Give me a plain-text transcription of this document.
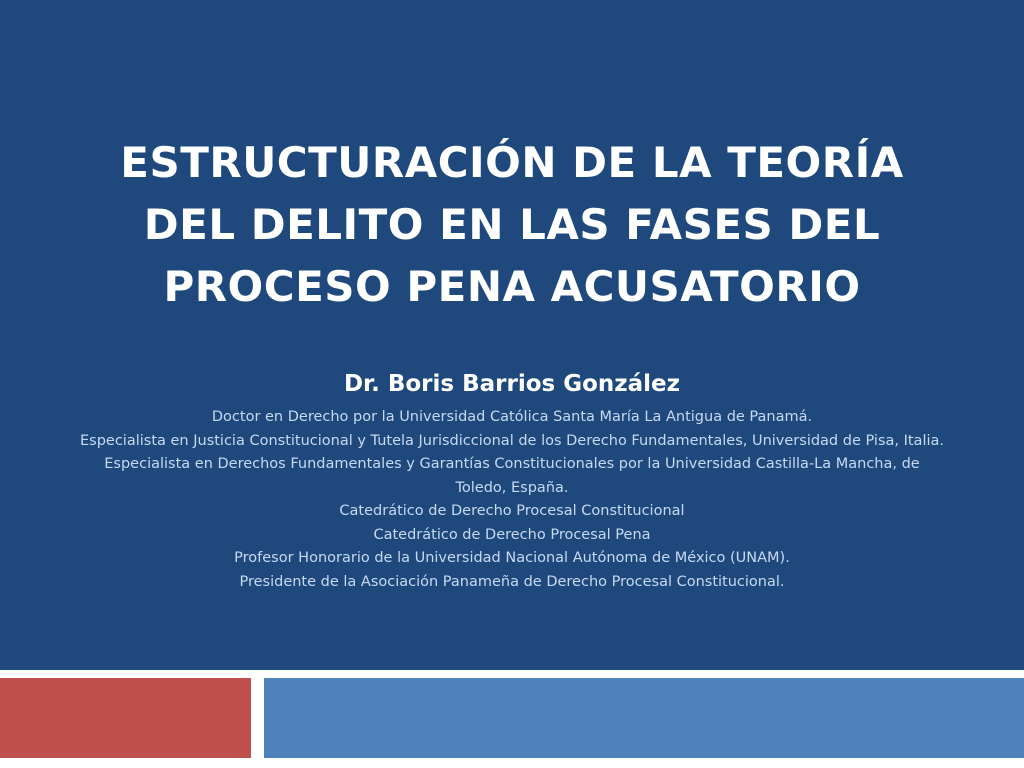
ESTRUCTURACIÓN DE LA TEORÍA
DEL DELITO EN LAS FASES DEL
PROCESO PENA ACUSATORIO
Dr. Boris Barrios González
Doctor en Derecho por la Universidad Católica Santa María La Antigua de Panamá.
Especialista en Justicia Constitucional y Tutela Jurisdiccional de los Derecho Fundamentales, Universidad de Pisa, Italia.
Especialista en Derechos Fundamentales y Garantías Constitucionales por la Universidad Castilla-La Mancha, de
Toledo, España.
Catedrático de Derecho Procesal Constitucional
Catedrático de Derecho Procesal Pena
Profesor Honorario de la Universidad Nacional Autónoma de México (UNAM).
Presidente de la Asociación Panameña de Derecho Procesal Constitucional.
